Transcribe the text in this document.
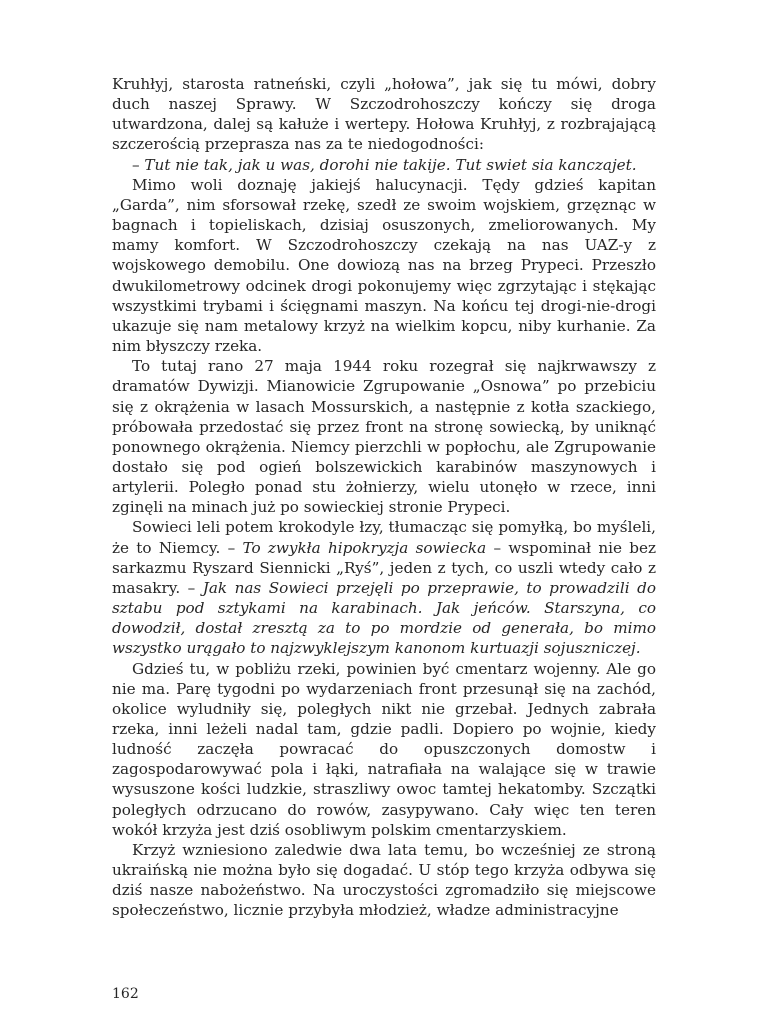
Kruhłyj, starosta ratneński, czyli „hołowa”, jak się tu mówi, dobry duch naszej Sprawy. W Szczodrohoszczy kończy się droga utwardzona, dalej są kałuże i wertepy. Hołowa Kruhłyj, z rozbrajającą szczerością przeprasza nas za te niedogodności:

– Tut nie tak, jak u was, dorohi nie takije. Tut swiet sia kanczajet.

Mimo woli doznaję jakiejś halucynacji. Tędy gdzieś kapitan „Garda”, nim sforsował rzekę, szedł ze swoim wojskiem, grzęznąc w bagnach i topieliskach, dzisiaj osuszonych, zmeliorowanych. My mamy komfort. W Szczodrohoszczy czekają na nas UAZ-y z wojskowego demobilu. One dowiozą nas na brzeg Prypeci. Przeszło dwukilometrowy odcinek drogi pokonujemy więc zgrzytając i stękając wszystkimi trybami i ścięgnami maszyn. Na końcu tej drogi-nie-drogi ukazuje się nam metalowy krzyż na wielkim kopcu, niby kurhanie. Za nim błyszczy rzeka.

To tutaj rano 27 maja 1944 roku rozegrał się najkrwawszy z dramatów Dywizji. Mianowicie Zgrupowanie „Osnowa” po przebiciu się z okrążenia w lasach Mossurskich, a następnie z kotła szackiego, próbowała przedostać się przez front na stronę sowiecką, by uniknąć ponownego okrążenia. Niemcy pierzchli w popłochu, ale Zgrupowanie dostało się pod ogień bolszewickich karabinów maszynowych i artylerii. Poległo ponad stu żołnierzy, wielu utonęło w rzece, inni zginęli na minach już po sowieckiej stronie Prypeci.

Sowieci leli potem krokodyle łzy, tłumacząc się pomyłką, bo myśleli, że to Niemcy. – To zwykła hipokryzja sowiecka – wspominał nie bez sarkazmu Ryszard Siennicki „Ryś”, jeden z tych, co uszli wtedy cało z masakry. – Jak nas Sowieci przejęli po przeprawie, to prowadzili do sztabu pod sztykami na karabinach. Jak jeńców. Starszyna, co dowodził, dostał zresztą za to po mordzie od generała, bo mimo wszystko urągało to najzwyklejszym kanonom kurtuazji sojuszniczej.

Gdzieś tu, w pobliżu rzeki, powinien być cmentarz wojenny. Ale go nie ma. Parę tygodni po wydarzeniach front przesunął się na zachód, okolice wyludniły się, poległych nikt nie grzebał. Jednych zabrała rzeka, inni leżeli nadal tam, gdzie padli. Dopiero po wojnie, kiedy ludność zaczęła powracać do opuszczonych domostw i zagospodarowywać pola i łąki, natrafiała na walające się w trawie wysuszone kości ludzkie, straszliwy owoc tamtej hekatomby. Szczątki poległych odrzucano do rowów, zasypywano. Cały więc ten teren wokół krzyża jest dziś osobliwym polskim cmentarzyskiem.

Krzyż wzniesiono zaledwie dwa lata temu, bo wcześniej ze stroną ukraińską nie można było się dogadać. U stóp tego krzyża odbywa się dziś nasze nabożeństwo. Na uroczystości zgromadziło się miejscowe społeczeństwo, licznie przybyła młodzież, władze administracyjne

162
